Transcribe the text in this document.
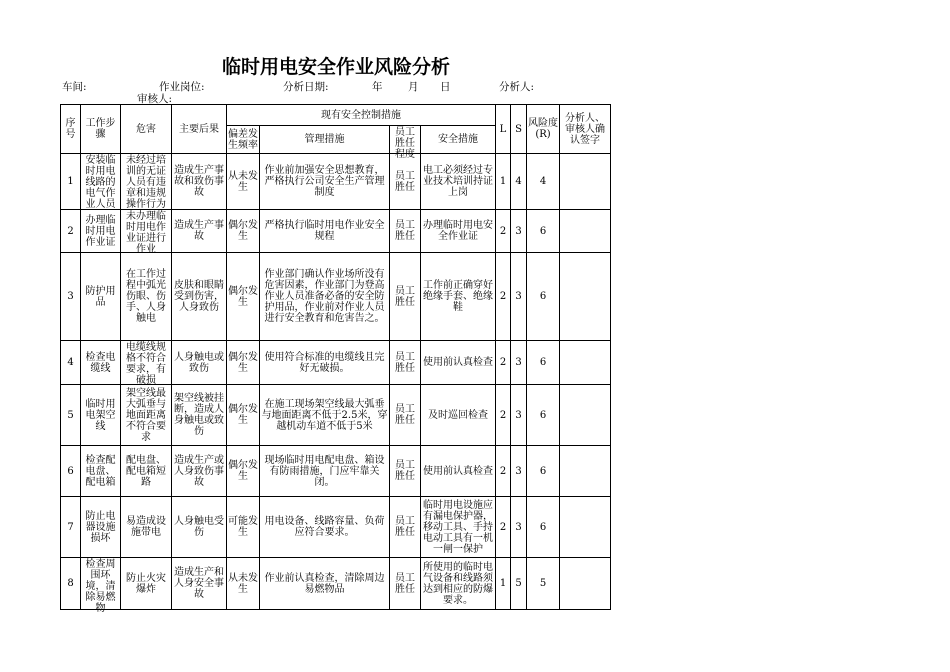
临时用电安全作业风险分析
车间:	作业岗位:	分析日期:	年 月 日	分析人:
审核人:
序号	工作步骤	危害	主要后果	现有安全控制措施				L	S	风险度(R)	分析人、审核人确认签字

				偏差发生频率	管理措施	员工胜任程度	安全措施				

1	安装临时用电线路的电气作业人员	未经过培训的无证人员有违章和违规操作行为	造成生产事故和致伤事故	从未发生	作业前加强安全思想教育，严格执行公司安全生产管理制度	员工胜任	电工必须经过专业技术培训持证上岗	1	4	4	

2	办理临时用电作业证	未办理临时用电作业证进行作业	造成生产事故	偶尔发生	严格执行临时用电作业安全规程	员工胜任	办理临时用电安全作业证	2	3	6	

3	防护用品	在工作过程中弧光伤眼、伤手、人身触电	皮肤和眼睛受到伤害，人身致伤	偶尔发生	作业部门确认作业场所没有危害因素，作业部门为登高作业人员准备必备的安全防护用品，作业前对作业人员进行安全教育和危害告之。	员工胜任	工作前正确穿好绝缘手套、绝缘鞋	2	3	6	

4	检查电缆线	电缆线规格不符合要求，有破损	人身触电或致伤	偶尔发生	使用符合标准的电缆线且完好无破损。	员工胜任	使用前认真检查	2	3	6	

5	临时用电架空线	架空线最大弧垂与地面距离不符合要求	架空线被挂断，造成人身触电或致伤	偶尔发生	在施工现场架空线最大弧垂与地面距离不低于2.5米，穿越机动车道不低于5米	员工胜任	及时巡回检查	2	3	6	

6	检查配电盘、配电箱	配电盘、配电箱短路	造成生产或人身致伤事故	偶尔发生	现场临时用电配电盘、箱设有防雨措施，门应牢靠关闭。	员工胜任	使用前认真检查	2	3	6	

7	防止电器设施损坏	易造成设施带电	人身触电受伤	可能发生	用电设备、线路容量、负荷应符合要求。	员工胜任	临时用电设施应有漏电保护器，移动工具、手持电动工具有一机一闸一保护	2	3	6	

8	检查周围环境，清除易燃物	防止火灾爆炸	造成生产和人身安全事故	从未发生	作业前认真检查，清除周边易燃物品	员工胜任	所使用的临时电气设备和线路须达到相应的防爆要求。	1	5	5	
